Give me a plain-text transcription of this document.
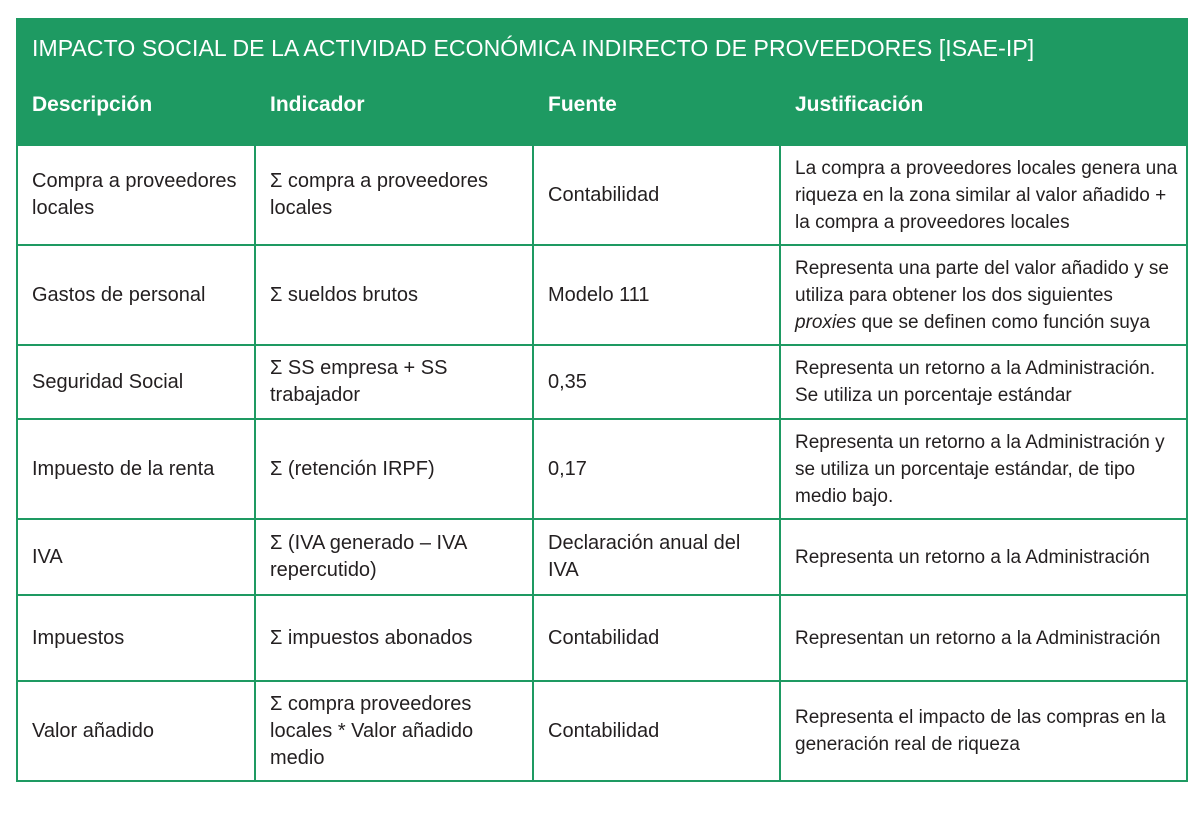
IMPACTO SOCIAL DE LA ACTIVIDAD ECONÓMICA INDIRECTO DE PROVEEDORES [ISAE-IP]			
Descripción	Indicador	Fuente	Justificación
Compra a proveedores locales	Σ compra a proveedores locales	Contabilidad	La compra a proveedores locales genera una riqueza en la zona similar al valor añadido + la compra a proveedores locales
Gastos de personal	Σ sueldos brutos	Modelo 111	Representa una parte del valor añadido y se utiliza para obtener los dos siguientes proxies que se definen como función suya
Seguridad Social	Σ SS empresa + SS trabajador	0,35	Representa un retorno a la Administración. Se utiliza un porcentaje estándar
Impuesto de la renta	Σ (retención IRPF)	0,17	Representa un retorno a la Administración y se utiliza un porcentaje estándar, de tipo medio bajo.
IVA	Σ (IVA generado – IVA repercutido)	Declaración anual del IVA	Representa un retorno a la Administración
Impuestos	Σ impuestos abonados	Contabilidad	Representan un retorno a la Administración
Valor añadido	Σ compra proveedores locales * Valor añadido medio	Contabilidad	Representa el impacto de las compras en la generación real de riqueza
